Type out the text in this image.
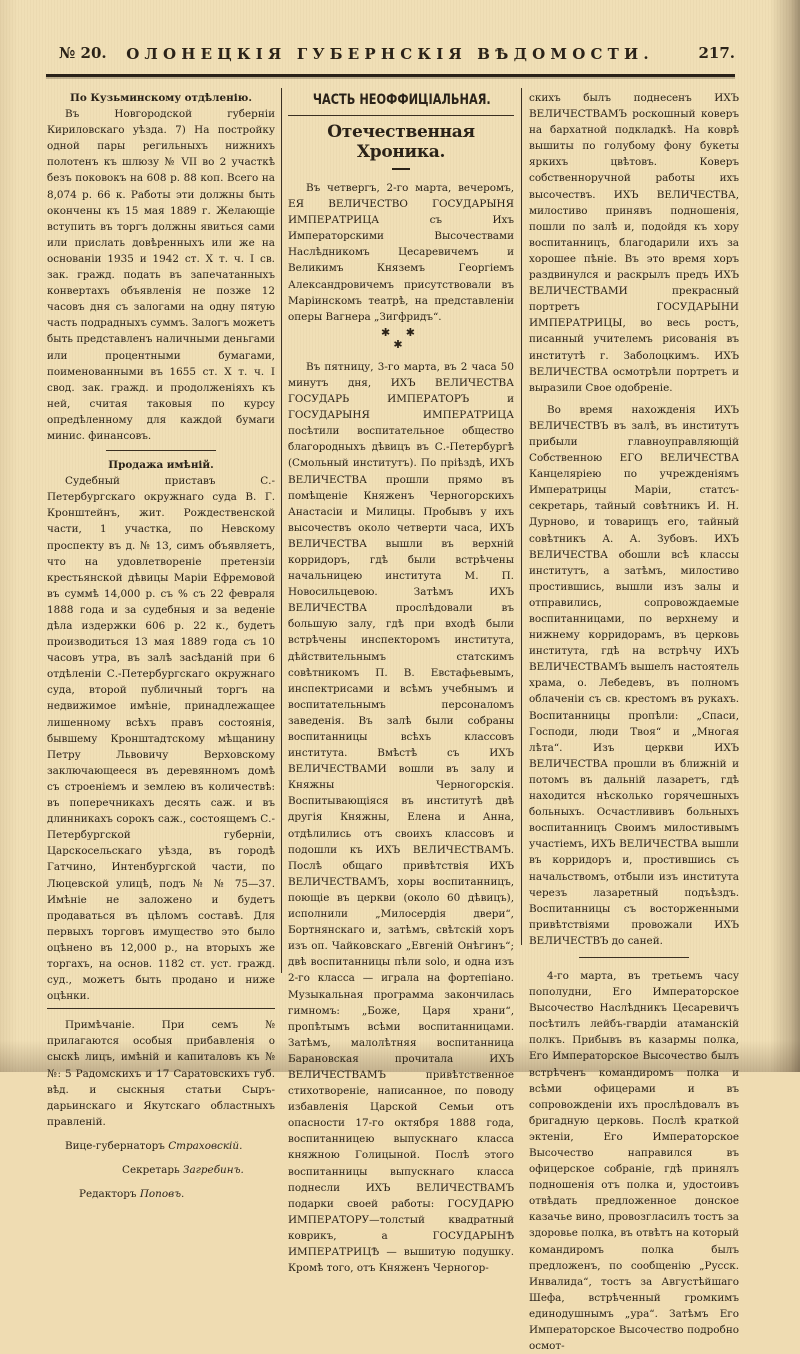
№ 20.	ОЛОНЕЦКІЯ ГУБЕРНСКІЯ ВѢДОМОСТИ.	217.

По Кузьминскому отдѣленію.

Въ Новгородской губерніи Кириловскаго уѣзда. 7) На постройку одной пары регильныхъ нижнихъ полотенъ къ шлюзу № VII во 2 участкѣ безъ поковокъ на 608 р. 88 коп. Всего на 8,074 р. 66 к. Работы эти должны быть окончены къ 15 мая 1889 г. Желающіе вступить въ торгъ должны явиться сами или прислать довѣренныхъ или же на основаніи 1935 и 1942 ст. X т. ч. I св. зак. гражд. подать въ запечатанныхъ конвертахъ объявленія не позже 12 часовъ дня съ залогами на одну пятую часть подрадныхъ суммъ. Залогъ можетъ быть представленъ наличными деньгами или процентными бумагами, поименованными въ 1655 ст. X т. ч. I свод. зак. гражд. и продолженіяхъ къ ней, считая таковыя по курсу опредѣленному для каждой бумаги минис. финансовъ.

Продажа имѣній.

Судебный приставъ С.-Петербургскаго окружнаго суда В. Г. Кронштейнъ, жит. Рождественской части, 1 участка, по Невскому проспекту въ д. № 13, симъ объявляетъ, что на удовлетвореніе претензіи крестьянской дѣвицы Маріи Ефремовой въ суммѣ 14,000 р. съ % съ 22 февраля 1888 года и за судебныя и за веденіе дѣла издержки 606 р. 22 к., будетъ производиться 13 мая 1889 года съ 10 часовъ утра, въ залѣ засѣданій при 6 отдѣленіи С.-Петербургскаго окружнаго суда, второй публичный торгъ на недвижимое имѣніе, принадлежащее лишенному всѣхъ правъ состоянія, бывшему Кронштадтскому мѣщанину Петру Львовичу Верховскому заключающееся въ деревянномъ домѣ съ строеніемъ и землею въ количествѣ: въ поперечникахъ десять саж. и въ длинникахъ сорокъ саж., состоящемъ С.-Петербургской губерніи, Царскосельскаго уѣзда, въ городѣ Гатчино, Интенбургской части, по Люцевской улицѣ, подъ № № 75—37. Имѣніе не заложено и будетъ продаваться въ цѣломъ составѣ. Для первыхъ торговъ имущество это было оцѣнено въ 12,000 р., на вторыхъ же торгахъ, на основ. 1182 ст. уст. гражд. суд., можетъ быть продано и ниже оцѣнки.

Примѣчаніе. При семъ № прилагаются особыя прибавленія о сыскѣ лицъ, имѣній и капиталовъ къ №№: 5 Радомскихъ и 17 Саратовскихъ губ. вѣд. и сыскныя статьи Сыръ-дарьинскаго и Якутскаго областныхъ правленій.

Вице-губернаторъ Страховскій.

Секретарь Загребинъ.

Редакторъ Поповъ.

ЧАСТЬ НЕОФФИЦІАЛЬНАЯ.
Отечественная Хроника.

Въ четвергъ, 2-го марта, вечеромъ, ЕЯ ВЕЛИЧЕСТВО ГОСУДАРЫНЯ ИМПЕРАТРИЦА съ Ихъ Императорскими Высочествами Наслѣдникомъ Цесаревичемъ и Великимъ Княземъ Георгіемъ Александровичемъ присутствовали въ Маріинскомъ театрѣ, на представленіи оперы Вагнера „Зигфридъ“.

✱ ✱
✱

Въ пятницу, 3-го марта, въ 2 часа 50 минутъ дня, ИХЪ ВЕЛИЧЕСТВА ГОСУДАРЬ ИМПЕРАТОРЪ и ГОСУДАРЫНЯ ИМПЕРАТРИЦА посѣтили воспитательное общество благородныхъ дѣвицъ въ С.-Петербургѣ (Смольный институтъ). По пріѣздѣ, ИХЪ ВЕЛИЧЕСТВА прошли прямо въ помѣщеніе Княженъ Черногорскихъ Анастасіи и Милицы. Пробывъ у ихъ высочествъ около четверти часа, ИХЪ ВЕЛИЧЕСТВА вышли въ верхній корридоръ, гдѣ были встрѣчены начальницею института М. П. Новосильцевою. Затѣмъ ИХЪ ВЕЛИЧЕСТВА прослѣдовали въ большую залу, гдѣ при входѣ были встрѣчены инспекторомъ института, дѣйствительнымъ статскимъ совѣтникомъ П. В. Евстафьевымъ, инспектрисами и всѣмъ учебнымъ и воспитательнымъ персоналомъ заведенія. Въ залѣ были собраны воспитанницы всѣхъ классовъ института. Вмѣстѣ съ ИХЪ ВЕЛИЧЕСТВАМИ вошли въ залу и Княжны Черногорскія. Воспитывающіяся въ институтѣ двѣ другія Княжны, Елена и Анна, отдѣлились отъ своихъ классовъ и подошли къ ИХЪ ВЕЛИЧЕСТВАМЪ. Послѣ общаго привѣтствія ИХЪ ВЕЛИЧЕСТВАМЪ, хоры воспитанницъ, поющіе въ церкви (около 60 дѣвицъ), исполнили „Милосердія двери“, Бортнянскаго и, затѣмъ, свѣтскій хоръ изъ оп. Чайковскаго „Евгеній Онѣгинъ“; двѣ воспитанницы пѣли solo, и одна изъ 2-го класса — играла на фортепіано. Музыкальная программа закончилась гимномъ: „Боже, Царя храни“, пропѣтымъ всѣми воспитанницами. Затѣмъ, малолѣтняя воспитанница Барановская прочитала ИХЪ ВЕЛИЧЕСТВАМЪ привѣтственное стихотвореніе, написанное, по поводу избавленія Царской Семьи отъ опасности 17-го октября 1888 года, воспитанницею выпускнаго класса княжною Голицыной. Послѣ этого воспитанницы выпускнаго класса поднесли ИХЪ ВЕЛИЧЕСТВАМЪ подарки своей работы: ГОСУДАРЮ ИМПЕРАТОРУ—толстый квадратный коврикъ, а ГОСУДАРЫНѢ ИМПЕРАТРИЦѢ — вышитую подушку. Кромѣ того, отъ Княженъ Черногор-

скихъ былъ поднесенъ ИХЪ ВЕЛИЧЕСТВАМЪ роскошный коверъ на бархатной подкладкѣ. На коврѣ вышиты по голубому фону букеты яркихъ цвѣтовъ. Коверъ собственноручной работы ихъ высочествъ. ИХЪ ВЕЛИЧЕСТВА, милостиво принявъ подношенія, пошли по залѣ и, подойдя къ хору воспитанницъ, благодарили ихъ за хорошее пѣніе. Въ это время хоръ раздвинулся и раскрылъ предъ ИХЪ ВЕЛИЧЕСТВАМИ прекрасный портретъ ГОСУДАРЫНИ ИМПЕРАТРИЦЫ, во весь ростъ, писанный учителемъ рисованія въ институтѣ г. Заболоцкимъ. ИХЪ ВЕЛИЧЕСТВА осмотрѣли портретъ и выразили Свое одобреніе.

Во время нахожденія ИХЪ ВЕЛИЧЕСТВЪ въ залѣ, въ институтъ прибыли главноуправляющій Собственною ЕГО ВЕЛИЧЕСТВА Канцеляріею по учрежденіямъ Императрицы Маріи, статсъ-секретарь, тайный совѣтникъ И. Н. Дурново, и товарищъ его, тайный совѣтникъ А. А. Зубовъ. ИХЪ ВЕЛИЧЕСТВА обошли всѣ классы институтъ, а затѣмъ, милостиво простившись, вышли изъ залы и отправились, сопровождаемые воспитанницами, по верхнему и нижнему корридорамъ, въ церковь института, гдѣ на встрѣчу ИХЪ ВЕЛИЧЕСТВАМЪ вышелъ настоятель храма, о. Лебедевъ, въ полномъ облаченіи съ св. крестомъ въ рукахъ. Воспитанницы пропѣли: „Спаси, Господи, люди Твоя“ и „Многая лѣта“. Изъ церкви ИХЪ ВЕЛИЧЕСТВА прошли въ ближній и потомъ въ дальній лазаретъ, гдѣ находится нѣсколько горячешныхъ больныхъ. Осчастлививъ больныхъ воспитанницъ Своимъ милостивымъ участіемъ, ИХЪ ВЕЛИЧЕСТВА вышли въ корридоръ и, простившись съ начальствомъ, отбыли изъ института черезъ лазаретный подъѣздъ. Воспитанницы съ восторженными привѣтствіями провожали ИХЪ ВЕЛИЧЕСТВЪ до саней.

4-го марта, въ третьемъ часу пополудни, Его Императорское Высочество Наслѣдникъ Цесаревичъ посѣтилъ лейбъ-гвардіи атаманскій полкъ. Прибывъ въ казармы полка, Его Императорское Высочество былъ встрѣченъ командиромъ полка и всѣми офицерами и въ сопровожденіи ихъ прослѣдовалъ въ бригадную церковь. Послѣ краткой эктеніи, Его Императорское Высочество направился въ офицерское собраніе, гдѣ принялъ подношенія отъ полка и, удостоивъ отвѣдать предложенное донское казачье вино, провозгласилъ тостъ за здоровье полка, въ отвѣтъ на который командиромъ полка былъ предложенъ, по сообщенію „Русск. Инвалида“, тостъ за Августѣйшаго Шефа, встрѣченный громкимъ единодушнымъ „ура“. Затѣмъ Его Императорское Высочество подробно осмот-
